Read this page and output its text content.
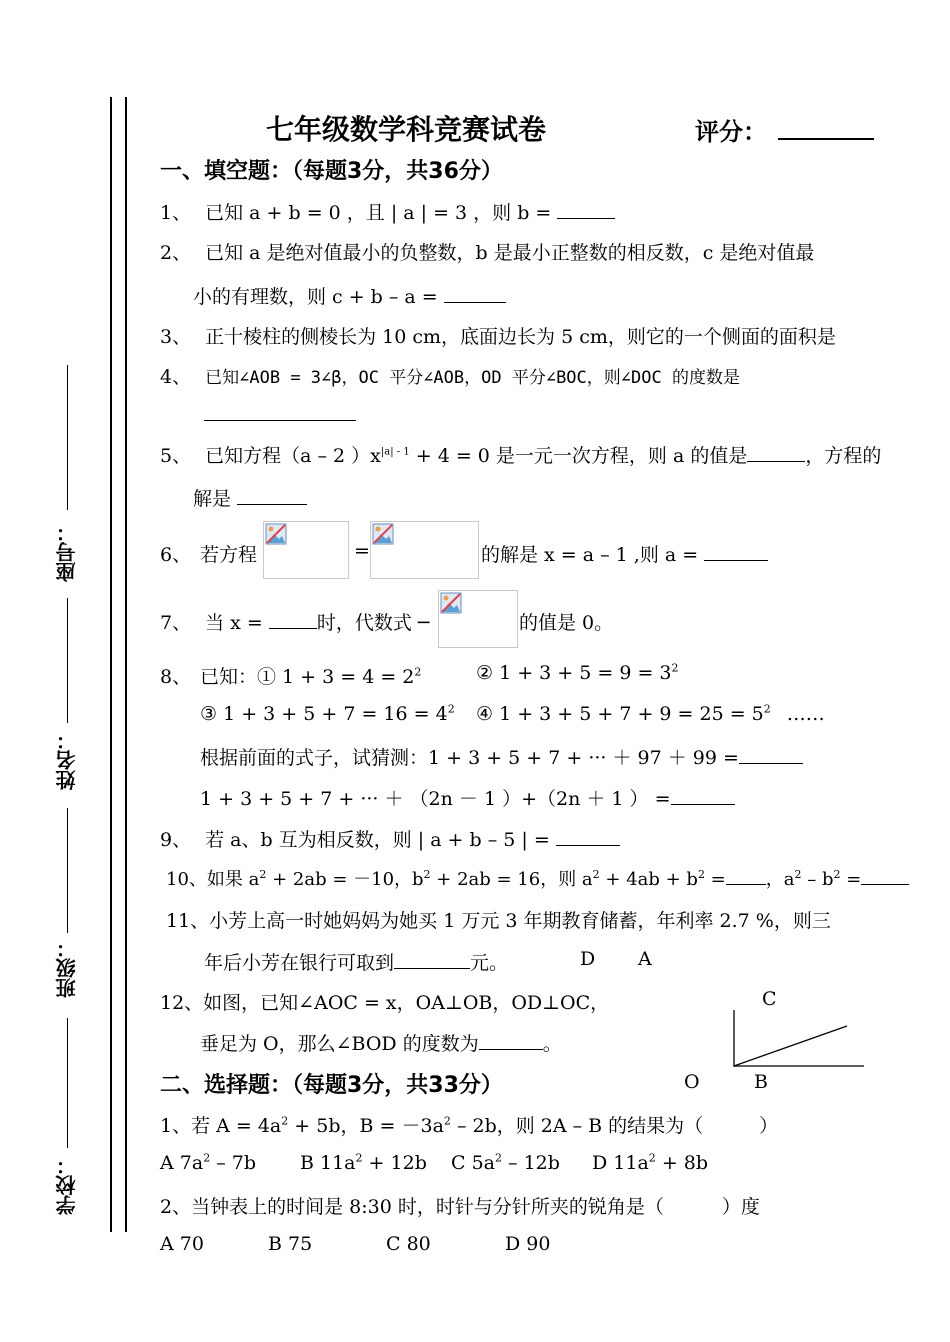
座号：
姓名：
班级：
学校：
七年级数学科竞赛试卷	评分：
一、填空题：（每题3分，共36分）
1、 已知 a + b = 0 ，且 | a | = 3 ，则 b =
2、 已知 a 是绝对值最小的负整数，b 是最小正整数的相反数，c 是绝对值最
小的有理数，则 c + b – a =
3、 正十棱柱的侧棱长为 10 cm，底面边长为 5 cm，则它的一个侧面的面积是
4、 已知∠AOB = 3∠β，OC 平分∠AOB，OD 平分∠BOC，则∠DOC 的度数是
5、 已知方程（a – 2 ）$x^{|a| - 1} + 4 = 0$ 是一元一次方程，则 a 的值是	，方程的
解是
6、 若方程	=	的解是 x = a – 1 ,则 a =
7、 当 x =	时，代数式 ─	的值是 0。
8、 已知：① $1 + 3 = 4 = 2^2$	② $1 + 3 + 5 = 9 = 3^2$
③ $1 + 3 + 5 + 7 = 16 = 4^2$ ④ $1 + 3 + 5 + 7 + 9 = 25 = 5^2$ ……
根据前面的式子，试猜测：1 + 3 + 5 + 7 + ··· ＋ 97 ＋ 99 =
1 + 3 + 5 + 7 + ··· ＋ （2n － 1 ）+（2n ＋ 1 ） =
9、 若 a、b 互为相反数，则 | a + b – 5 | =
10、如果 $a^2 + 2ab = -10$，$b^2 + 2ab = 16$，则 $a^2 + 4ab + b^2$ = ，$a^2 - b^2$ =
11、小芳上高一时她妈妈为她买 1 万元 3 年期教育储蓄，年利率 2.7 %，则三
年后小芳在银行可取到	元。	D A
12、如图，已知∠AOC = x，OA⊥OB，OD⊥OC，
垂足为 O，那么∠BOD 的度数为	。
C
O	B
二、选择题：（每题3分，共33分）
1、若 $A = 4a^2 + 5b$，$B = -3a^2 - 2b$，则 2A – B 的结果为（	）
A $7a^2 - 7b$ B $11a^2 + 12b$ C $5a^2 - 12b$ D $11a^2 + 8b$
2、当钟表上的时间是 8:30 时，时针与分针所夹的锐角是（	）度
A 70	B 75	C 80	D 90
